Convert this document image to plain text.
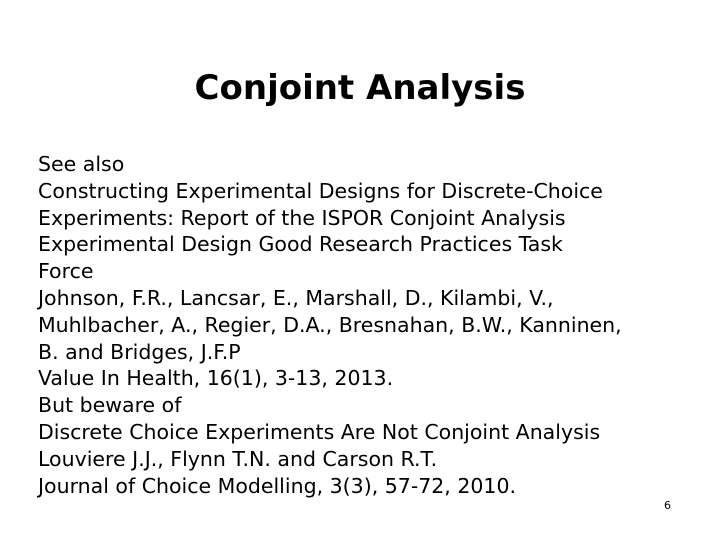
Conjoint Analysis
See also
Constructing Experimental Designs for Discrete-Choice
Experiments: Report of the ISPOR Conjoint Analysis
Experimental Design Good Research Practices Task
Force
Johnson, F.R., Lancsar, E., Marshall, D., Kilambi, V.,
Muhlbacher, A., Regier, D.A., Bresnahan, B.W., Kanninen,
B. and Bridges, J.F.P
Value In Health, 16(1), 3-13, 2013.
But beware of
Discrete Choice Experiments Are Not Conjoint Analysis
Louviere J.J., Flynn T.N. and Carson R.T.
Journal of Choice Modelling, 3(3), 57-72, 2010.
6
